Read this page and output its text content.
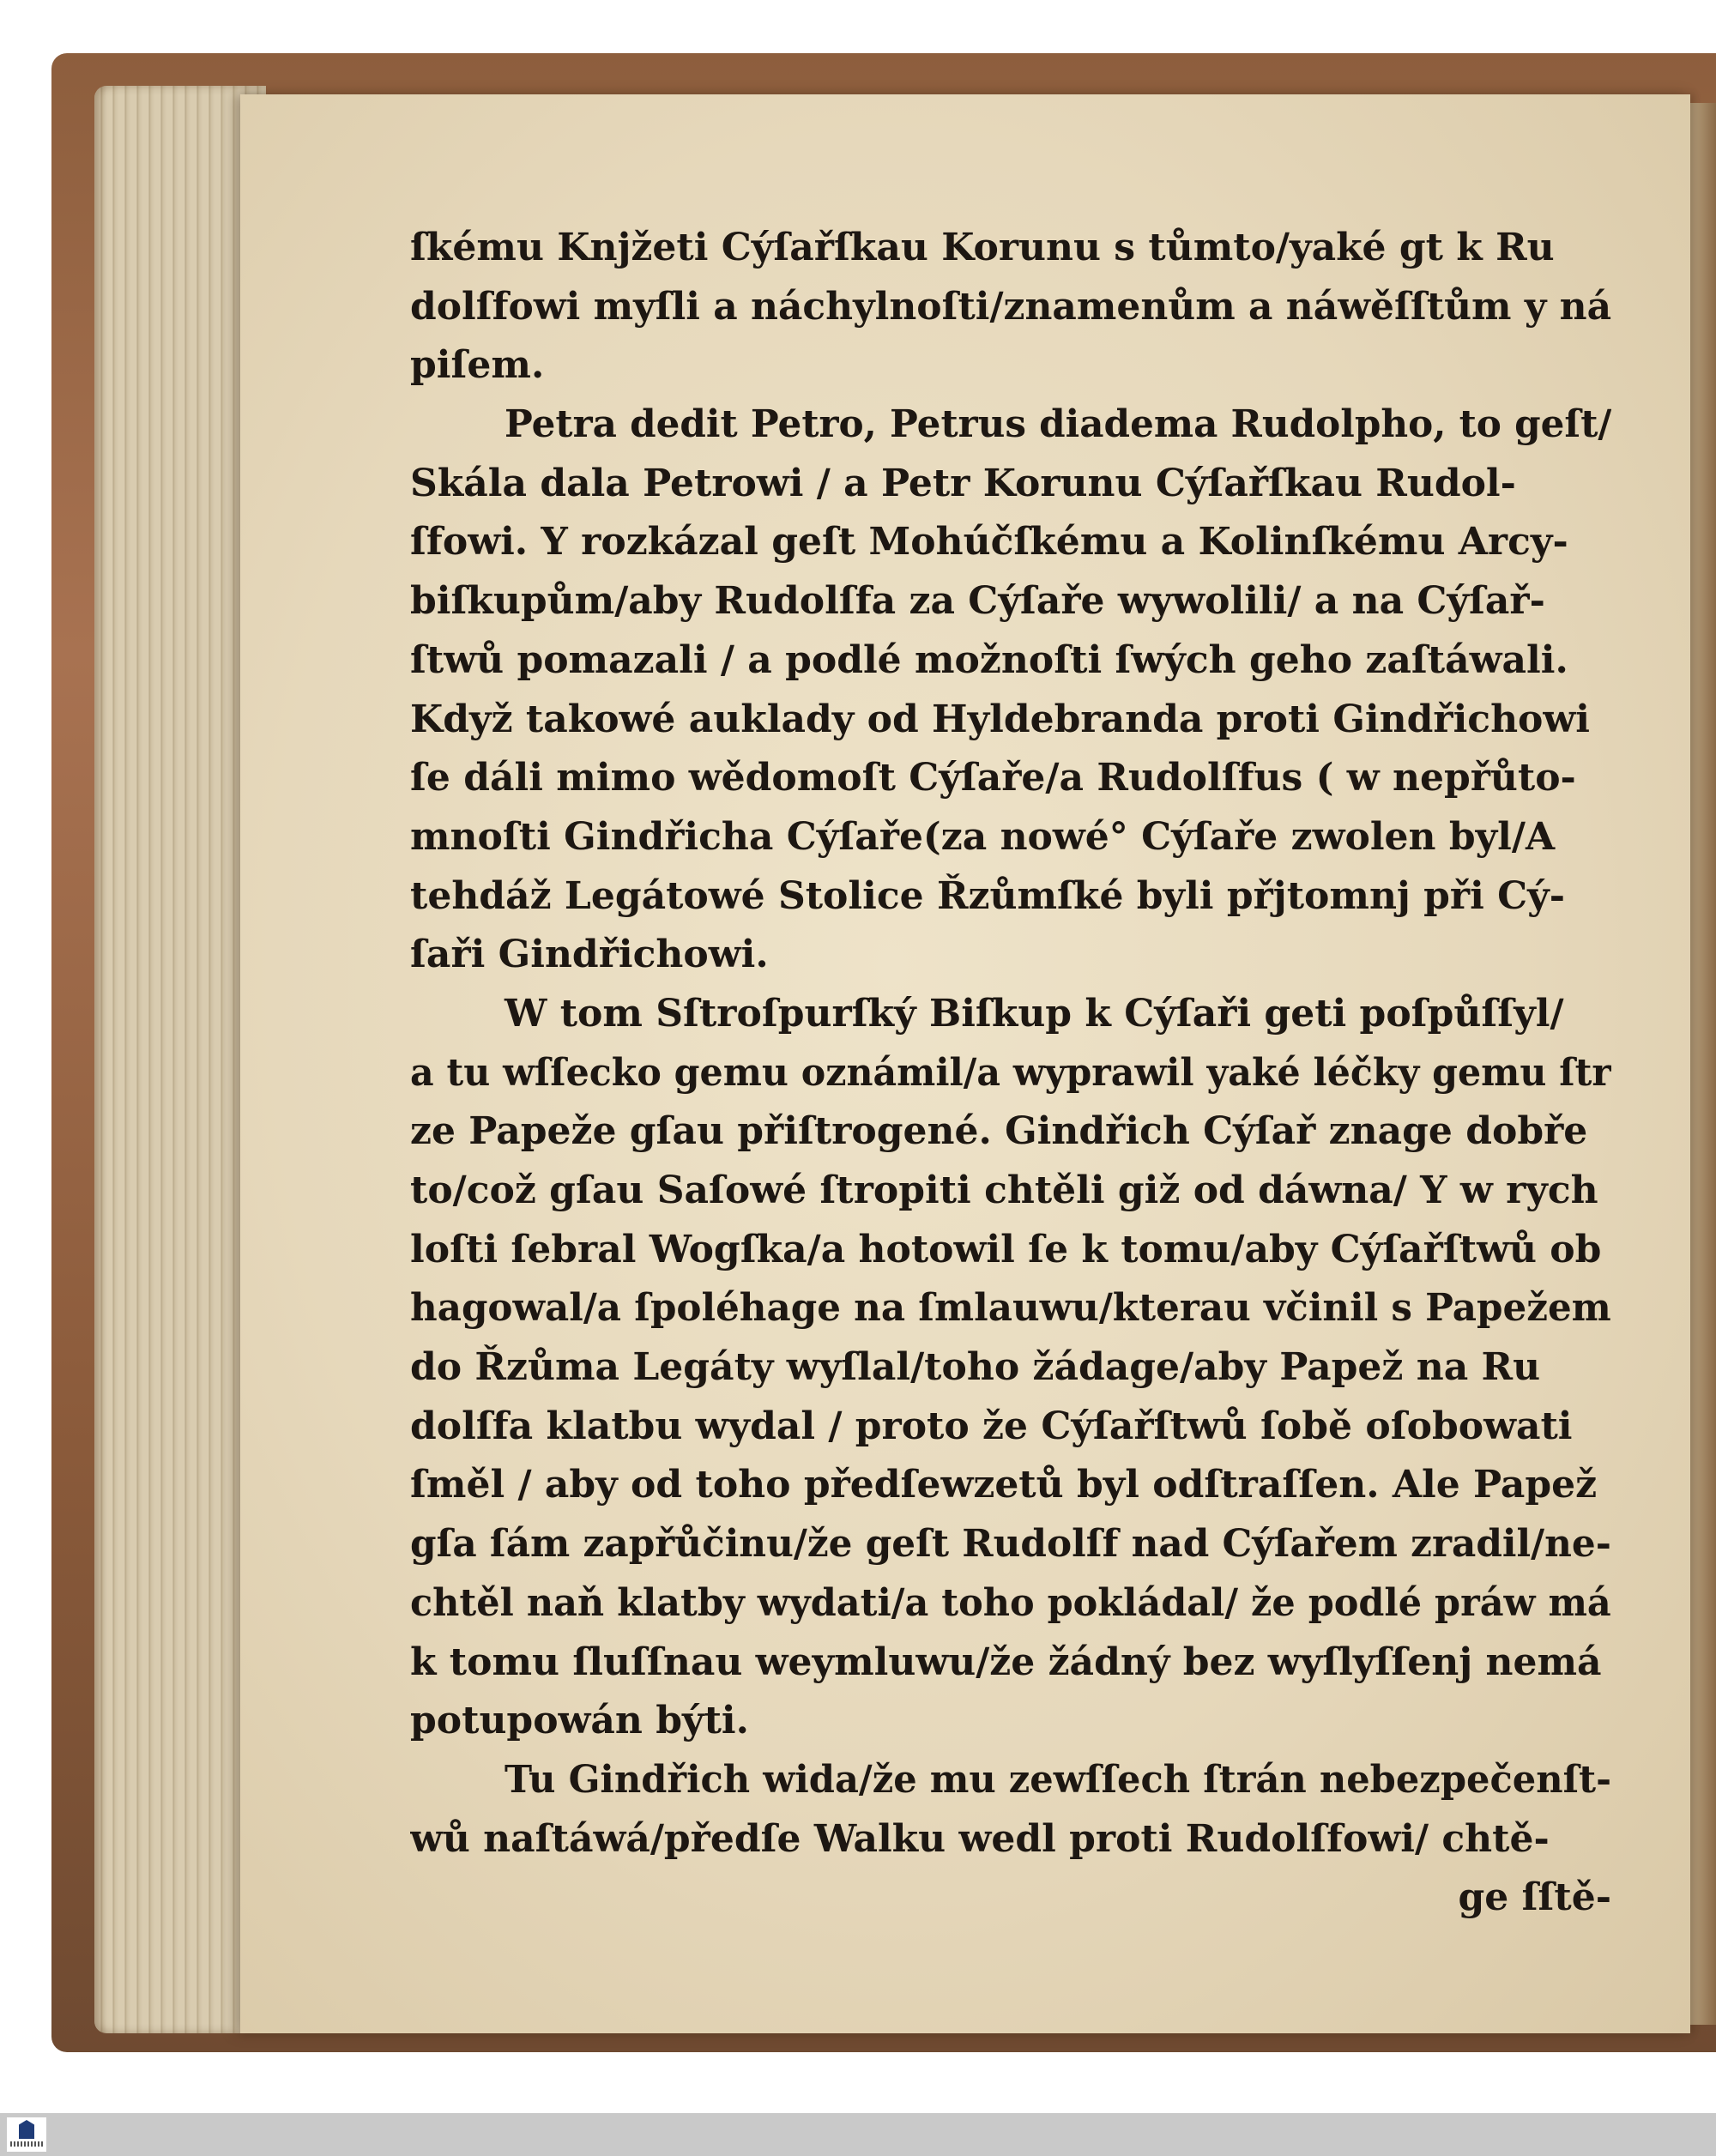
ſkému Knjžeti Cýſařſkau Korunu s tůmto/yaké gt k Ru

dolſfowi myſli a náchylnoſti/znamenům a náwěſſtům y ná

piſem.

Petra dedit Petro, Petrus diadema Rudolpho, to geſt/

Skála dala Petrowi / a Petr Korunu Cýſařſkau Rudol-

ſfowi. Y rozkázal geſt Mohúčſkému a Kolinſkému Arcy-

biſkupům/aby Rudolſfa za Cýſaře wywolili/ a na Cýſař-

ſtwů pomazali / a podlé možnoſti ſwých geho zaſtáwali.

Když takowé auklady od Hyldebranda proti Gindřichowi

ſe dáli mimo wědomoſt Cýſaře/a Rudolſfus ( w nepřůto-

mnoſti Gindřicha Cýſaře(za nowé° Cýſaře zwolen byl/A

tehdáž Legátowé Stolice Řzůmſké byli přjtomnj při Cý-

ſaři Gindřichowi.

W tom Sſtroſpurſký Biſkup k Cýſaři geti poſpůſſyl/

a tu wſſecko gemu oznámil/a wyprawil yaké léčky gemu ſtr

ze Papeže gſau přiſtrogené. Gindřich Cýſař znage dobře

to/což gſau Saſowé ſtropiti chtěli giž od dáwna/ Y w rych

loſti ſebral Wogſka/a hotowil ſe k tomu/aby Cýſařſtwů ob

hagowal/a ſpoléhage na ſmlauwu/kterau včinil s Papežem

do Řzůma Legáty wyſlal/toho žádage/aby Papež na Ru

dolſfa klatbu wydal / proto že Cýſařſtwů ſobě oſobowati

ſměl / aby od toho předſewzetů byl odſtraſſen. Ale Papež

gſa ſám zapřůčinu/že geſt Rudolſf nad Cýſařem zradil/ne-

chtěl naň klatby wydati/a toho pokládal/ že podlé práw má

k tomu ſluſſnau weymluwu/že žádný bez wyſlyſſenj nemá

potupowán býti.

Tu Gindřich wida/že mu zewſſech ſtrán nebezpečenſt-

wů naſtáwá/předſe Walku wedl proti Rudolſfowi/ chtě-

ge ſſtě-
